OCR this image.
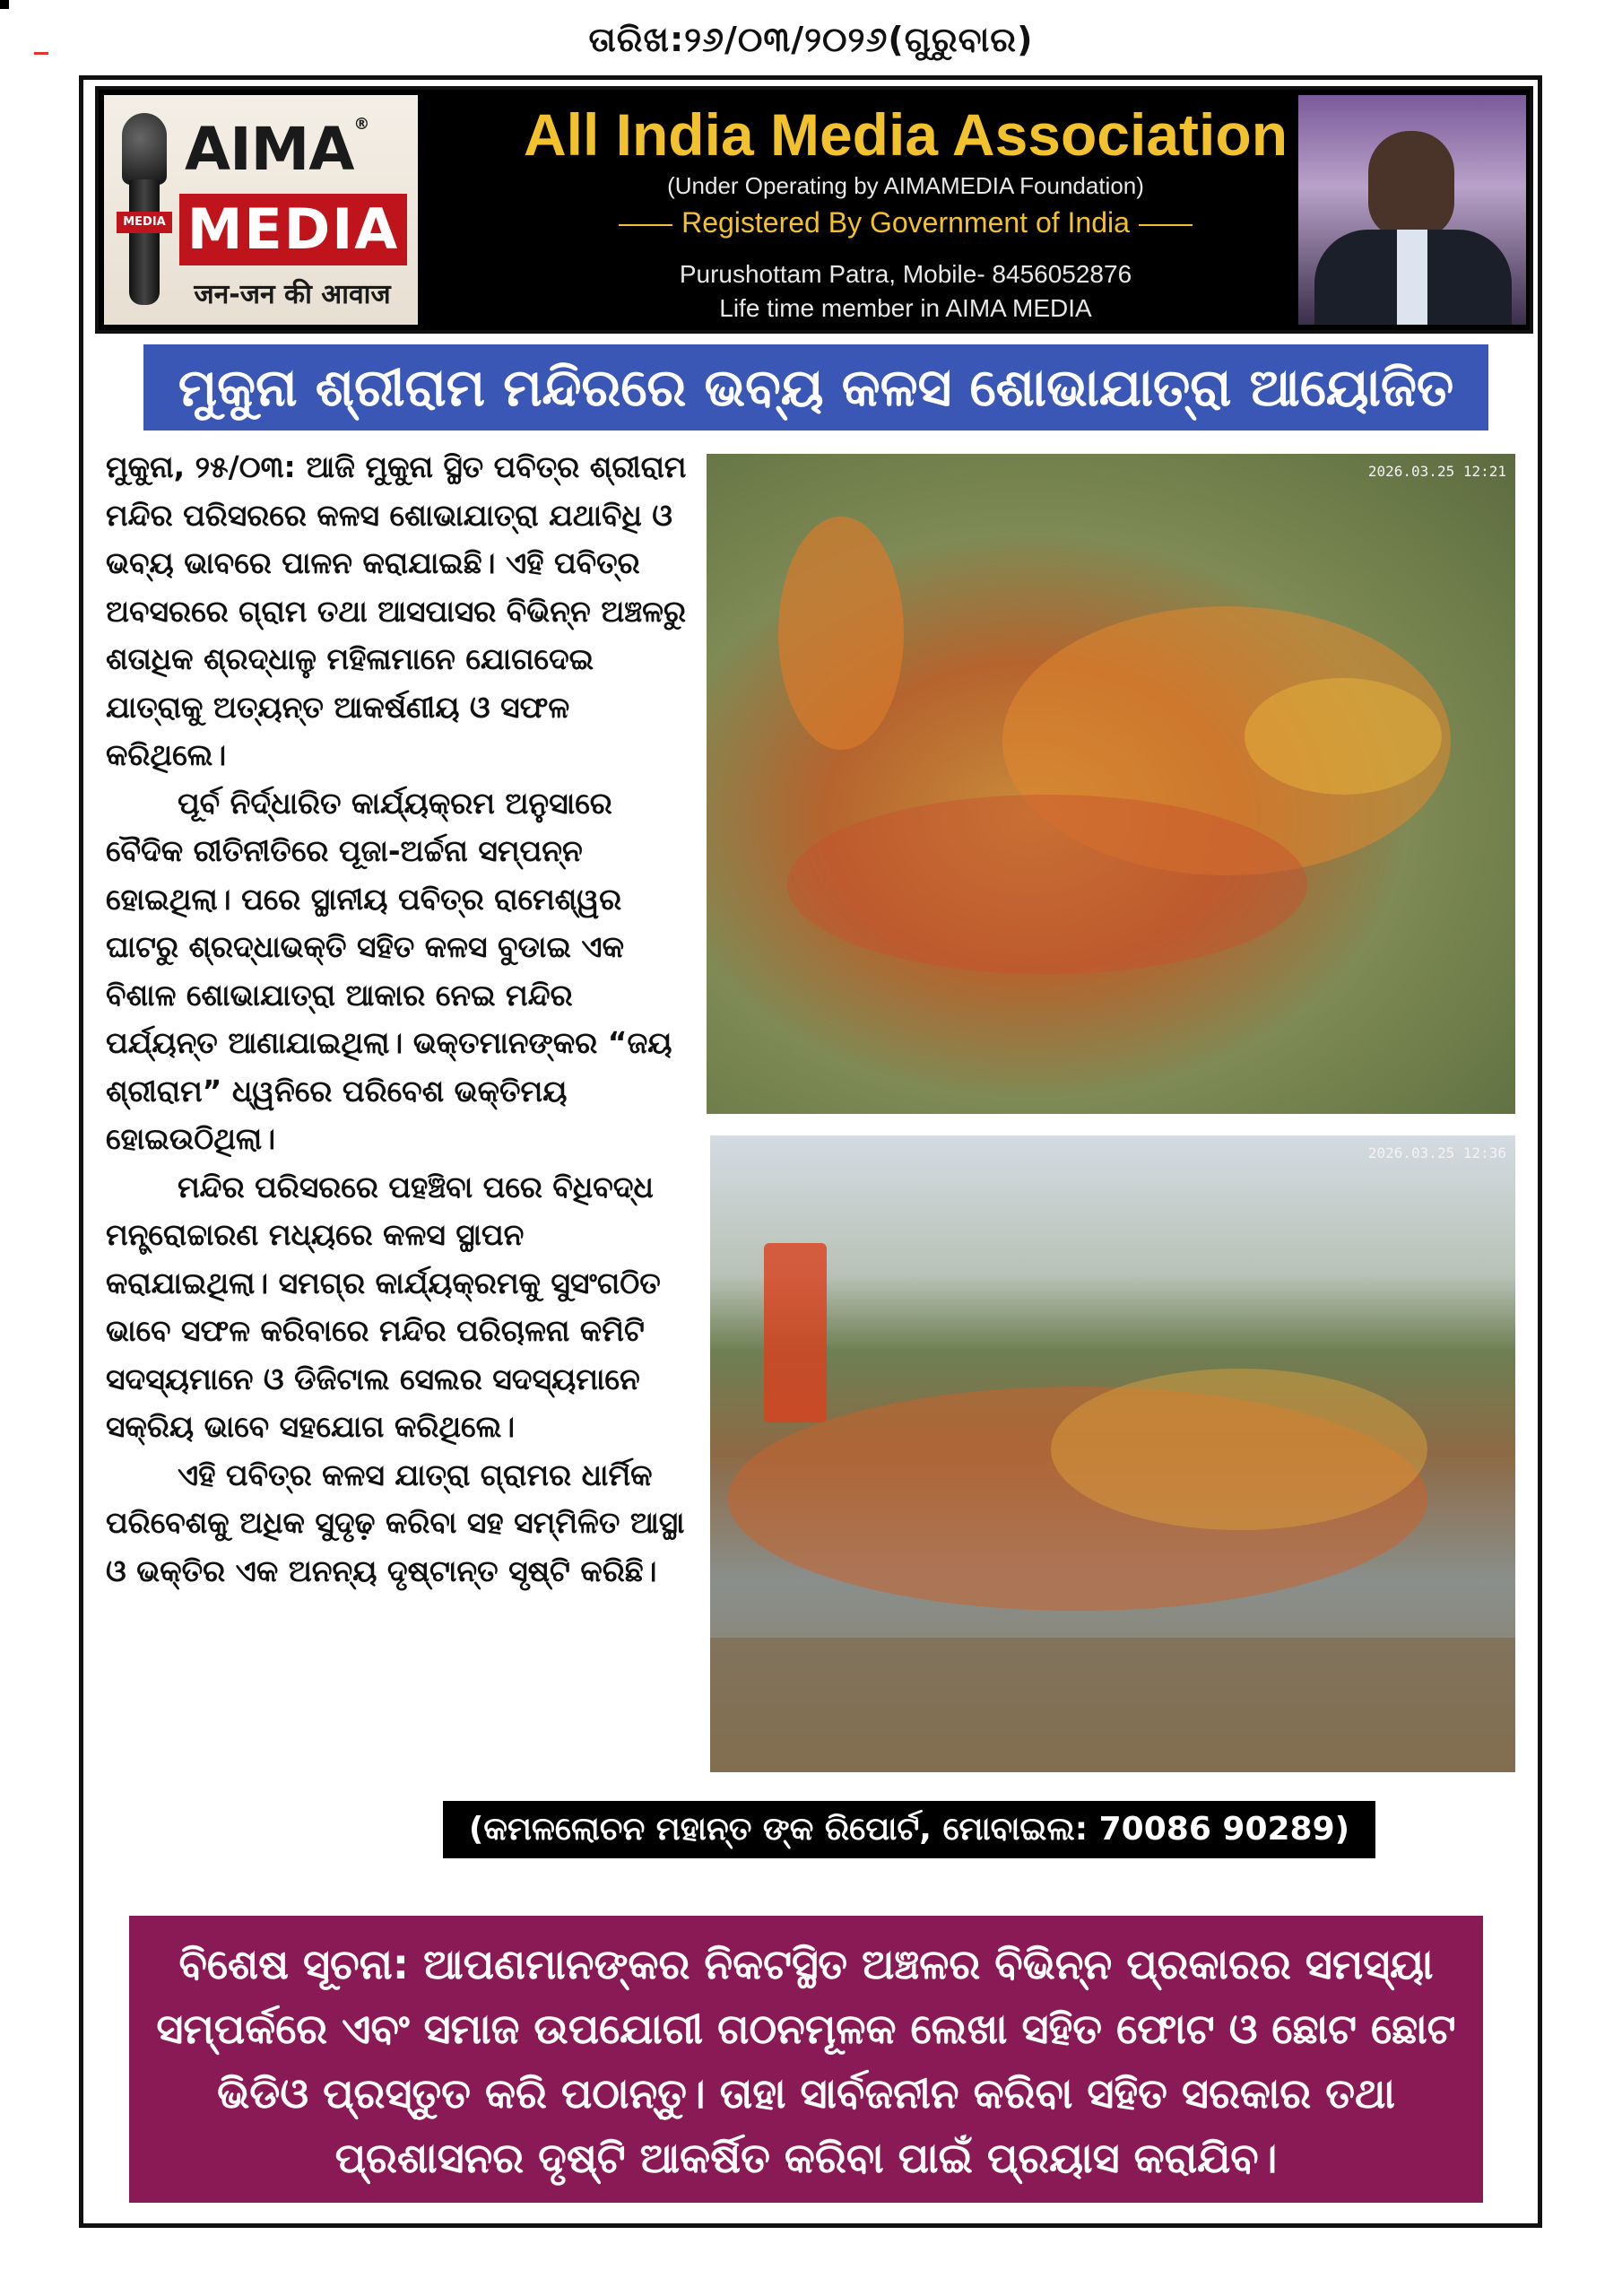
ତାରିଖ:୨୬/୦୩/୨୦୨୬(ଗୁରୁବାର)
MEDIA
AIMA®
MEDIA
जन-जन की आवाज
All India Media Association
(Under Operating by AIMAMEDIA Foundation)
Registered By Government of India
Purushottam Patra, Mobile- 8456052876
Life time member in AIMA MEDIA
ମୁକୁନା ଶ୍ରୀରାମ ମନ୍ଦିରରେ ଭବ୍ୟ କଳସ ଶୋଭାଯାତ୍ରା ଆୟୋଜିତ

ମୁକୁନା, ୨୫/୦୩: ଆଜି ମୁକୁନା ସ୍ଥିତ ପବିତ୍ର ଶ୍ରୀରାମ ମନ୍ଦିର ପରିସରରେ କଳସ ଶୋଭାଯାତ୍ରା ଯଥାବିଧି ଓ ଭବ୍ୟ ଭାବରେ ପାଳନ କରାଯାଇଛି। ଏହି ପବିତ୍ର ଅବସରରେ ଗ୍ରାମ ତଥା ଆସପାସର ବିଭିନ୍ନ ଅଞ୍ଚଳରୁ ଶତାଧିକ ଶ୍ରଦ୍ଧାଳୁ ମହିଳାମାନେ ଯୋଗଦେଇ ଯାତ୍ରାକୁ ଅତ୍ୟନ୍ତ ଆକର୍ଷଣୀୟ ଓ ସଫଳ କରିଥିଲେ।

ପୂର୍ବ ନିର୍ଦ୍ଧାରିତ କାର୍ଯ୍ୟକ୍ରମ ଅନୁସାରେ ବୈଦିକ ରୀତିନୀତିରେ ପୂଜା-ଅର୍ଚ୍ଚନା ସମ୍ପନ୍ନ ହୋଇଥିଲା। ପରେ ସ୍ଥାନୀୟ ପବିତ୍ର ରାମେଶ୍ୱର ଘାଟରୁ ଶ୍ରଦ୍ଧାଭକ୍ତି ସହିତ କଳସ ବୁଡାଇ ଏକ ବିଶାଳ ଶୋଭାଯାତ୍ରା ଆକାର ନେଇ ମନ୍ଦିର ପର୍ଯ୍ୟନ୍ତ ଆଣାଯାଇଥିଲା। ଭକ୍ତମାନଙ୍କର “ଜୟ ଶ୍ରୀରାମ” ଧ୍ୱନିରେ ପରିବେଶ ଭକ୍ତିମୟ ହୋଇଉଠିଥିଲା।

ମନ୍ଦିର ପରିସରରେ ପହଞ୍ଚିବା ପରେ ବିଧିବଦ୍ଧ ମନ୍ତ୍ରୋଚ୍ଚାରଣ ମଧ୍ୟରେ କଳସ ସ୍ଥାପନ କରାଯାଇଥିଲା। ସମଗ୍ର କାର୍ଯ୍ୟକ୍ରମକୁ ସୁସଂଗଠିତ ଭାବେ ସଫଳ କରିବାରେ ମନ୍ଦିର ପରିଚାଳନା କମିଟି ସଦସ୍ୟମାନେ ଓ ଡିଜିଟାଲ ସେଲର ସଦସ୍ୟମାନେ ସକ୍ରିୟ ଭାବେ ସହଯୋଗ କରିଥିଲେ।

ଏହି ପବିତ୍ର କଳସ ଯାତ୍ରା ଗ୍ରାମର ଧାର୍ମିକ ପରିବେଶକୁ ଅଧିକ ସୁଦୃଢ଼ କରିବା ସହ ସମ୍ମିଳିତ ଆସ୍ଥା ଓ ଭକ୍ତିର ଏକ ଅନନ୍ୟ ଦୃଷ୍ଟାନ୍ତ ସୃଷ୍ଟି କରିଛି।

2026.03.25 12:21
2026.03.25 12:36
(କମଳଲୋଚନ ମହାନ୍ତ ଙ୍କ ରିପୋର୍ଟ, ମୋବାଇଲ: 70086 90289)
ବିଶେଷ ସୂଚନା: ଆପଣମାନଙ୍କର ନିକଟସ୍ଥିତ ଅଞ୍ଚଳର ବିଭିନ୍ନ ପ୍ରକାରର ସମସ୍ୟା ସମ୍ପର୍କରେ ଏବଂ ସମାଜ ଉପଯୋଗୀ ଗଠନମୂଳକ ଲେଖା ସହିତ ଫୋଟ ଓ ଛୋଟ ଛୋଟ ଭିଡିଓ ପ୍ରସ୍ତୁତ କରି ପଠାନ୍ତୁ। ତାହା ସାର୍ବଜନୀନ କରିବା ସହିତ ସରକାର ତଥା ପ୍ରଶାସନର ଦୃଷ୍ଟି ଆକର୍ଷିତ କରିବା ପାଇଁ ପ୍ରୟାସ କରାଯିବ।
